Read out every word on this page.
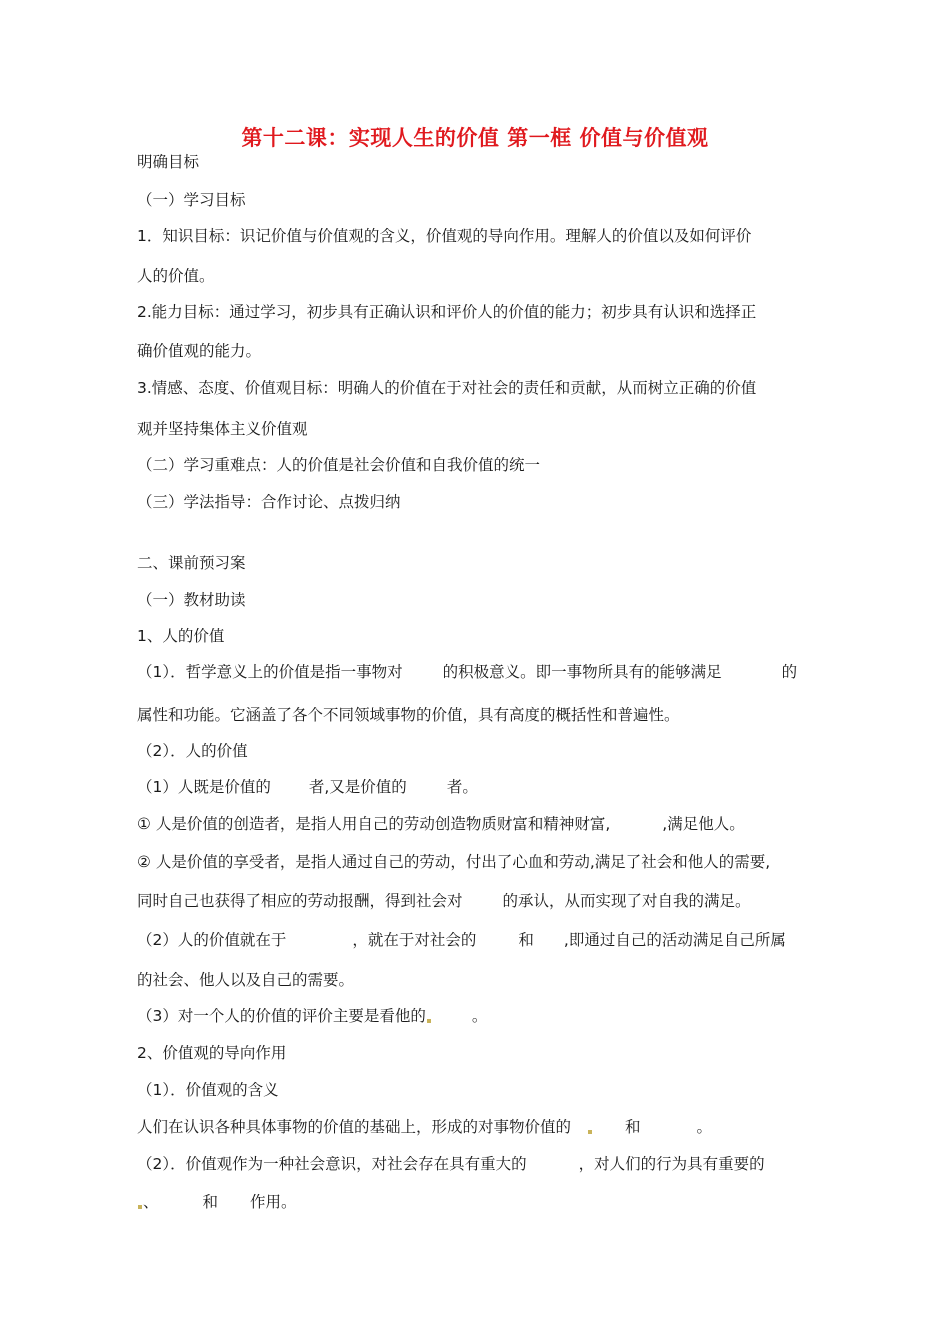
第十二课：实现人生的价值 第一框 价值与价值观
明确目标
（一）学习目标
1．知识目标：识记价值与价值观的含义，价值观的导向作用。理解人的价值以及如何评价
人的价值。
2.能力目标：通过学习，初步具有正确认识和评价人的价值的能力；初步具有认识和选择正
确价值观的能力。
3.情感、态度、价值观目标：明确人的价值在于对社会的责任和贡献，从而树立正确的价值
观并坚持集体主义价值观
（二）学习重难点：人的价值是社会价值和自我价值的统一
（三）学法指导：合作讨论、点拨归纳
二、课前预习案
（一）教材助读
1、人的价值
（1）．哲学意义上的价值是指一事物对	的积极意义。即一事物所具有的能够满足	的
属性和功能。它涵盖了各个不同领域事物的价值，具有高度的概括性和普遍性。
（2）．人的价值
（1）人既是价值的 者,又是价值的	者。
① 人是价值的创造者，是指人用自己的劳动创造物质财富和精神财富,	,满足他人。
② 人是价值的享受者，是指人通过自己的劳动，付出了心血和劳动,满足了社会和他人的需要,
同时自己也获得了相应的劳动报酬，得到社会对	的承认，从而实现了对自我的满足。
（2）人的价值就在于	，就在于对社会的	和 ,即通过自己的活动满足自己所属
的社会、他人以及自己的需要。
（3）对一个人的价值的评价主要是看他的	。
2、价值观的导向作用
（1）．价值观的含义
人们在认识各种具体事物的价值的基础上，形成的对事物价值的	和	。
（2）．价值观作为一种社会意识，对社会存在具有重大的	，对人们的行为具有重要的
、	和 作用。
